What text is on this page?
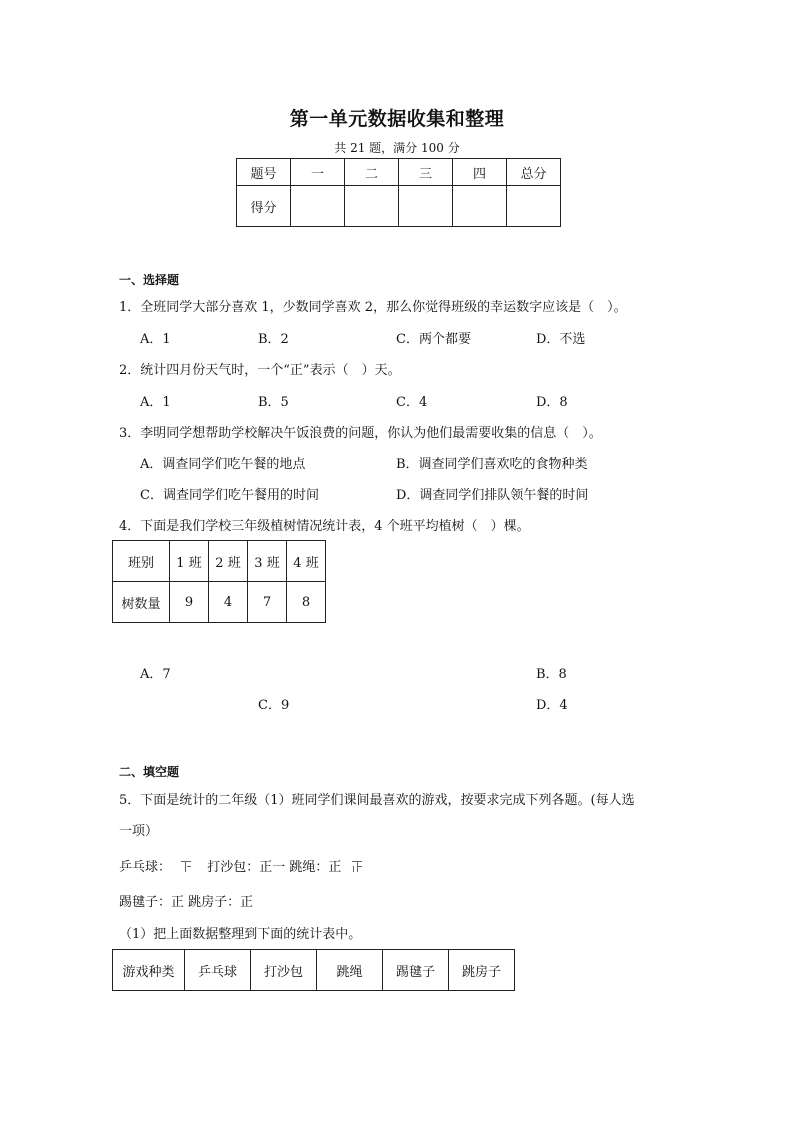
第一单元数据收集和整理
共 21 题，满分 100 分
题号	一	二	三	四	总分
得分					
一、选择题
1．全班同学大部分喜欢 1，少数同学喜欢 2，那么你觉得班级的幸运数字应该是（　）。
A．1	B．2	C．两个都要	D．不选
2．统计四月份天气时，一个“正”表示（　）天。
A．1	B．5	C．4	D．8
3．李明同学想帮助学校解决午饭浪费的问题，你认为他们最需要收集的信息（　）。
A．调查同学们吃午餐的地点	B．调查同学们喜欢吃的食物种类
C．调查同学们吃午餐用的时间	D．调查同学们排队领午餐的时间
4．下面是我们学校三年级植树情况统计表，4 个班平均植树（　）棵。
班别	1 班	2 班	3 班	4 班
树数量	9	4	7	8
A．7	B．8
C．9	D．4
二、填空题
5．下面是统计的二年级（1）班同学们课间最喜欢的游戏，按要求完成下列各题。(每人选
一项）
乒乓球：	打沙包：正一 跳绳：正
踢毽子：正 跳房子：正
（1）把上面数据整理到下面的统计表中。
游戏种类	乒乓球	打沙包	跳绳	踢毽子	跳房子
